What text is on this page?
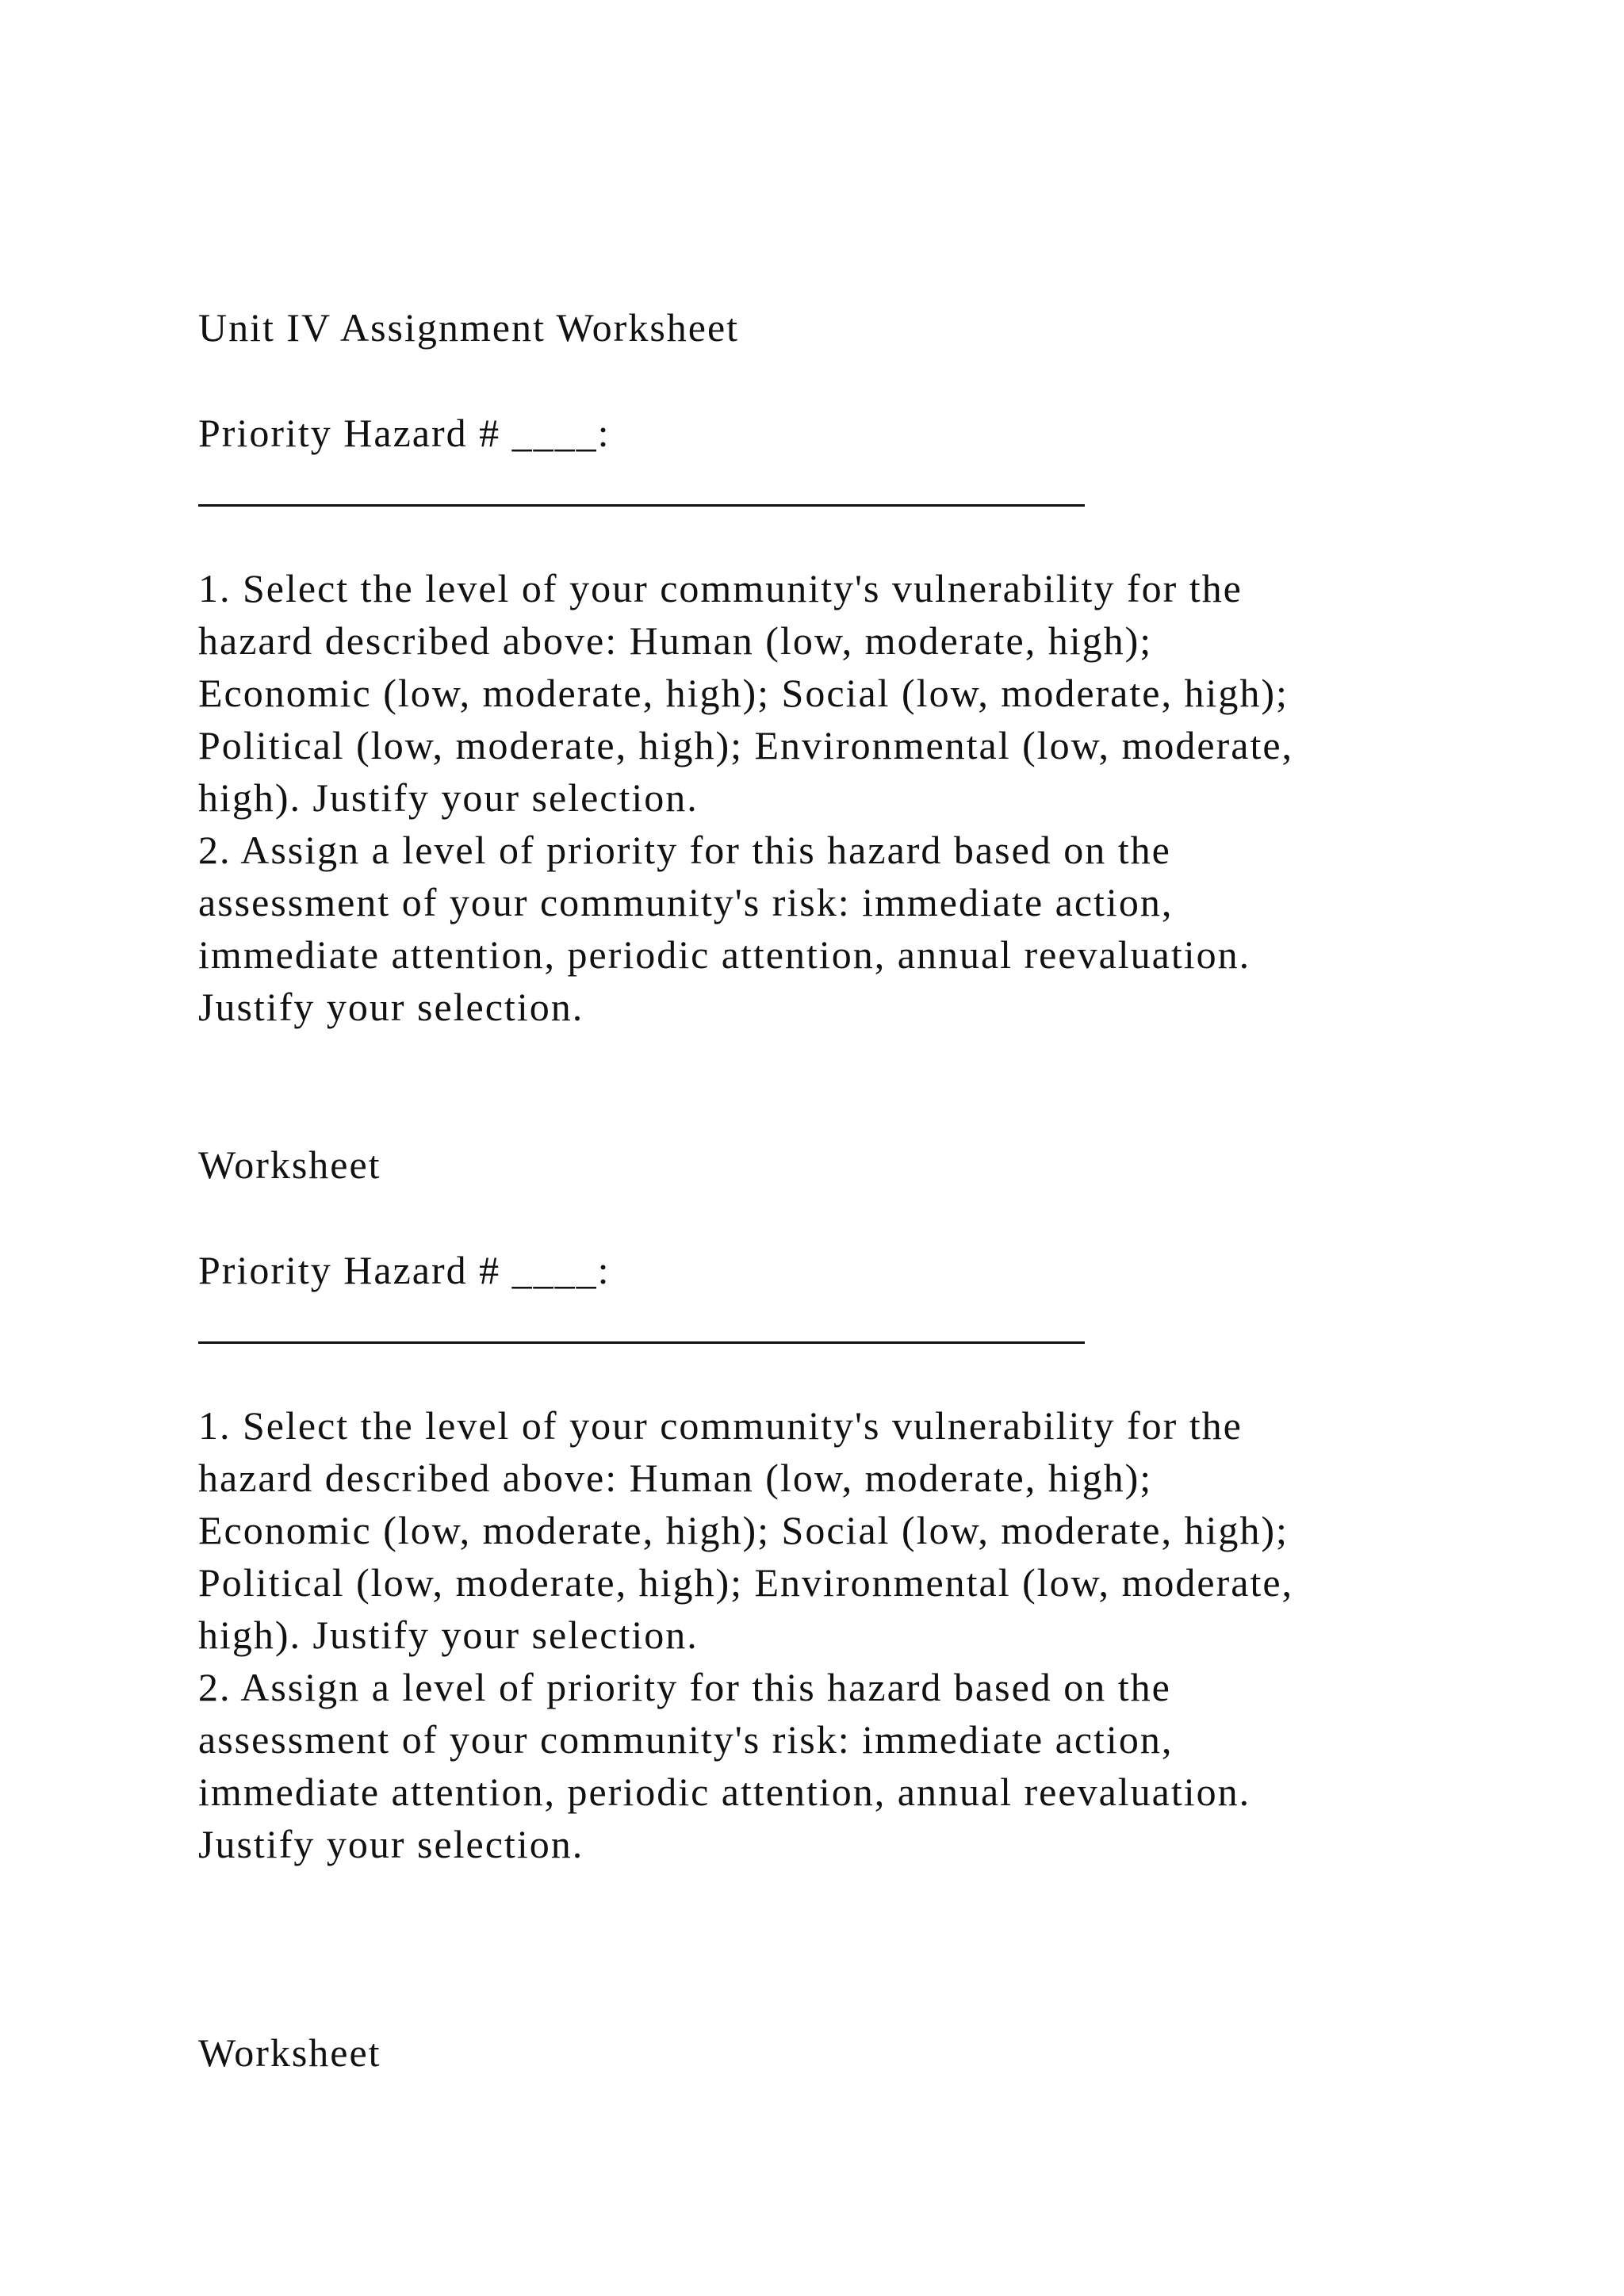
Unit IV Assignment Worksheet
Priority Hazard # ____:
1. Select the level of your community's vulnerability for the
hazard described above: Human (low, moderate, high);
Economic (low, moderate, high); Social (low, moderate, high);
Political (low, moderate, high); Environmental (low, moderate,
high). Justify your selection.
2. Assign a level of priority for this hazard based on the
assessment of your community's risk: immediate action,
immediate attention, periodic attention, annual reevaluation.
Justify your selection.
Worksheet
Priority Hazard # ____:
1. Select the level of your community's vulnerability for the
hazard described above: Human (low, moderate, high);
Economic (low, moderate, high); Social (low, moderate, high);
Political (low, moderate, high); Environmental (low, moderate,
high). Justify your selection.
2. Assign a level of priority for this hazard based on the
assessment of your community's risk: immediate action,
immediate attention, periodic attention, annual reevaluation.
Justify your selection.
Worksheet
